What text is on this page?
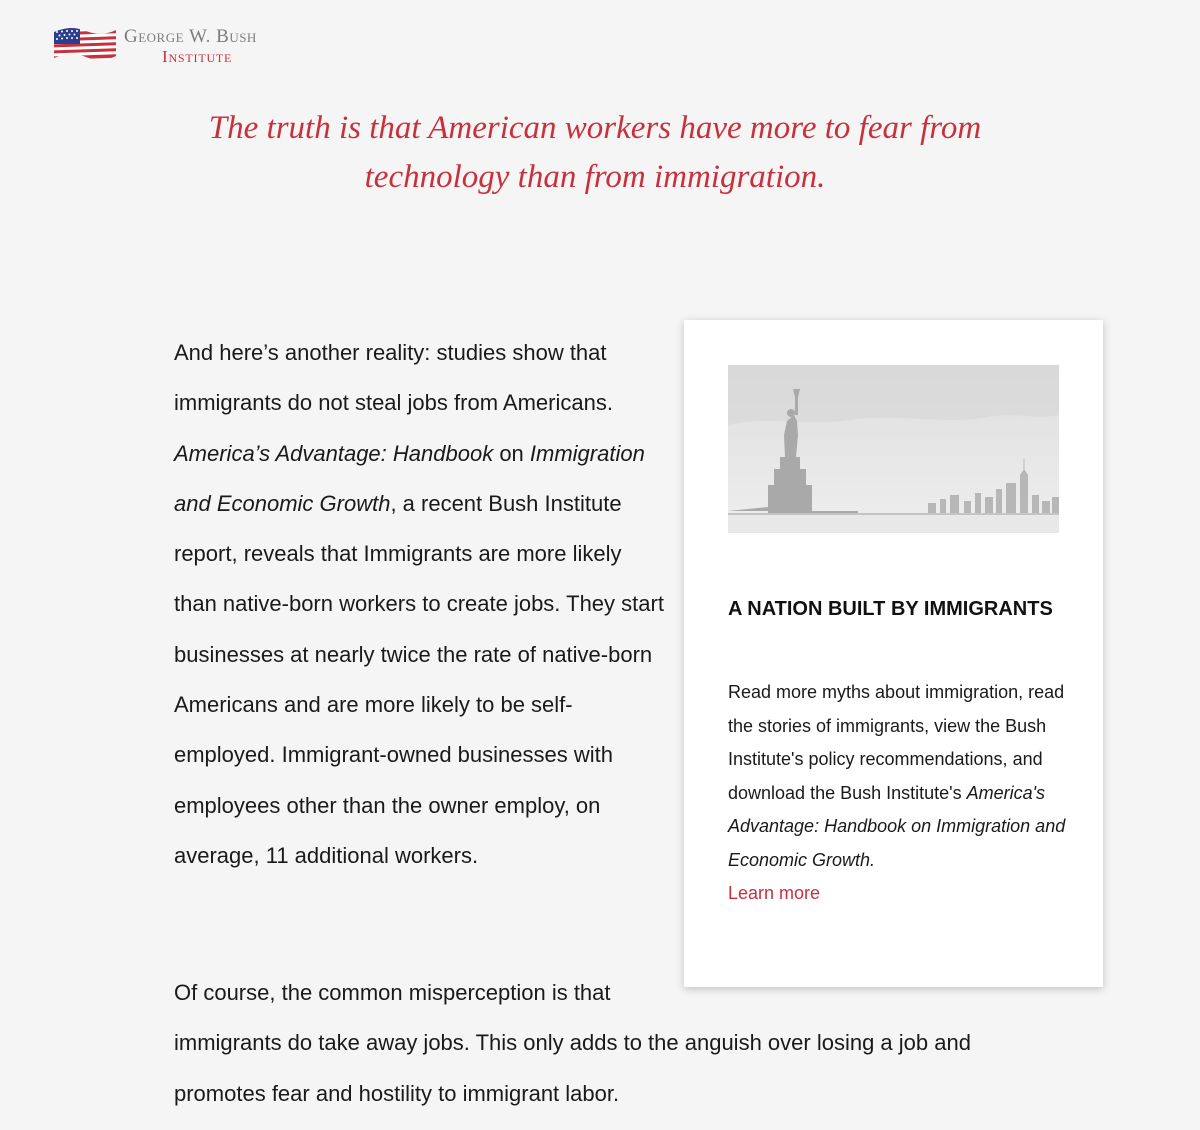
George W. Bush
Institute
The truth is that American workers have more to fear from technology than from immigration.

And here’s another reality: studies show that immigrants do not steal jobs from Americans. America’s Advantage: Handbook on Immigration and Economic Growth, a recent Bush Institute report, reveals that Immigrants are more likely than native-born workers to create jobs. They start businesses at nearly twice the rate of native-born Americans and are more likely to be self-employed. Immigrant-owned businesses with employees other than the owner employ, on average, 11 additional workers.

Of course, the common misperception is that
immigrants do take away jobs. This only adds to the anguish over losing a job and promotes fear and hostility to immigrant labor.

A NATION BUILT BY IMMIGRANTS

Read more myths about immigration, read the stories of immigrants, view the Bush Institute's policy recommendations, and download the Bush Institute's America's Advantage: Handbook on Immigration and Economic Growth.
Learn more
